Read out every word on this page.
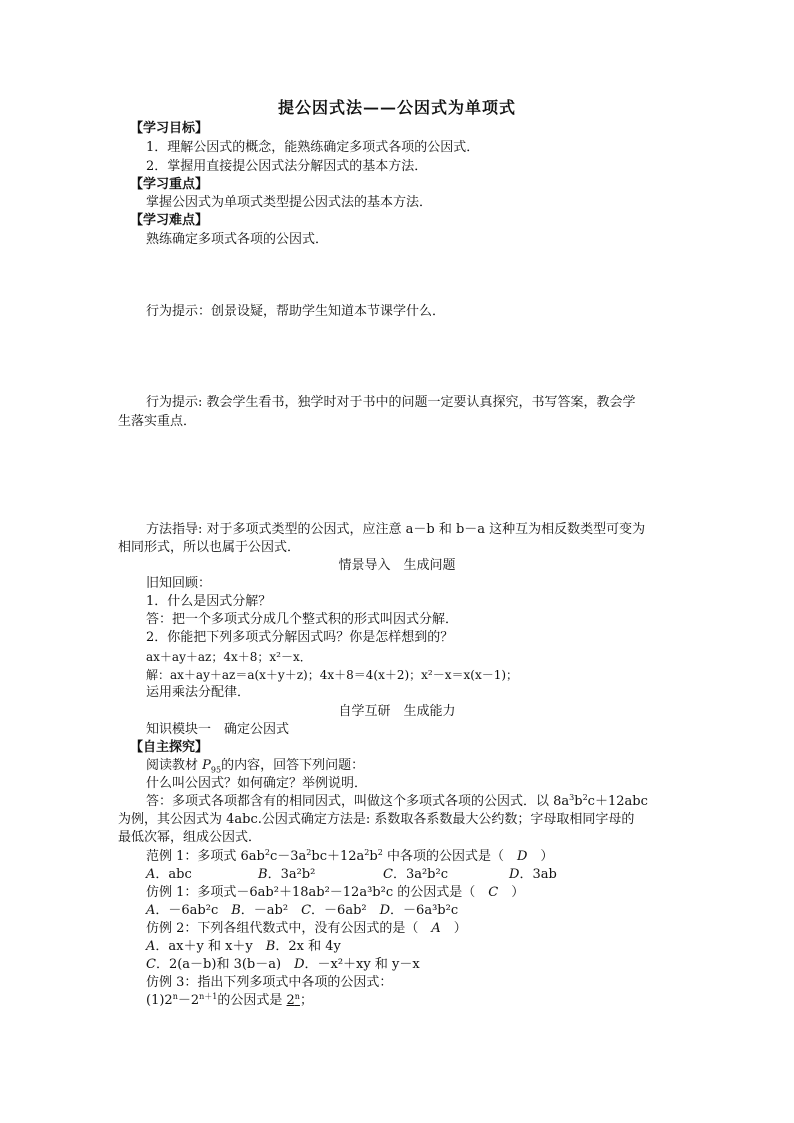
提公因式法——公因式为单项式
【学习目标】
1．理解公因式的概念，能熟练确定多项式各项的公因式．
2．掌握用直接提公因式法分解因式的基本方法．
【学习重点】
掌握公因式为单项式类型提公因式法的基本方法．
【学习难点】
熟练确定多项式各项的公因式．
行为提示：创景设疑，帮助学生知道本节课学什么．
行为提示: 教会学生看书，独学时对于书中的问题一定要认真探究，书写答案，教会学
生落实重点．
方法指导: 对于多项式类型的公因式，应注意 a－b 和 b－a 这种互为相反数类型可变为
相同形式，所以也属于公因式．
情景导入　生成问题
旧知回顾：
1．什么是因式分解？
答：把一个多项式分成几个整式积的形式叫因式分解．
2．你能把下列多项式分解因式吗？你是怎样想到的？
ax＋ay＋az；4x＋8；x²－x．
解：ax＋ay＋az＝a(x＋y＋z)；4x＋8＝4(x＋2)；x²－x＝x(x－1)；
运用乘法分配律．
自学互研　生成能力
知识模块一　确定公因式
【自主探究】
阅读教材 $P_{95}$的内容，回答下列问题：
什么叫公因式？如何确定？举例说明．
答：多项式各项都含有的相同因式，叫做这个多项式各项的公因式．以 $8a^3b^2c+12abc$
为例，其公因式为 4abc.公因式确定方法是: 系数取各系数最大公约数；字母取相同字母的
最低次幂，组成公因式．
范例 1：多项式 $6ab^2c-3a^2bc+12a^2b^2$ 中各项的公因式是（　D　）
A．abc	B．3a²b²	C．3a²b²c	D．3ab
仿例 1：多项式－6ab²＋18ab²－12a³b²c 的公因式是（　C　）
A．－6ab²c　B．－ab²　C．－6ab²　D．－6a³b²c
仿例 2：下列各组代数式中，没有公因式的是（　A　）
A．ax＋y 和 x＋y　B．2x 和 4y
C．2(a－b)和 3(b－a)　D．－x²＋xy 和 y－x
仿例 3：指出下列多项式中各项的公因式：
$(1)2^n-2^{n+1}$的公因式是 2$^n$；
